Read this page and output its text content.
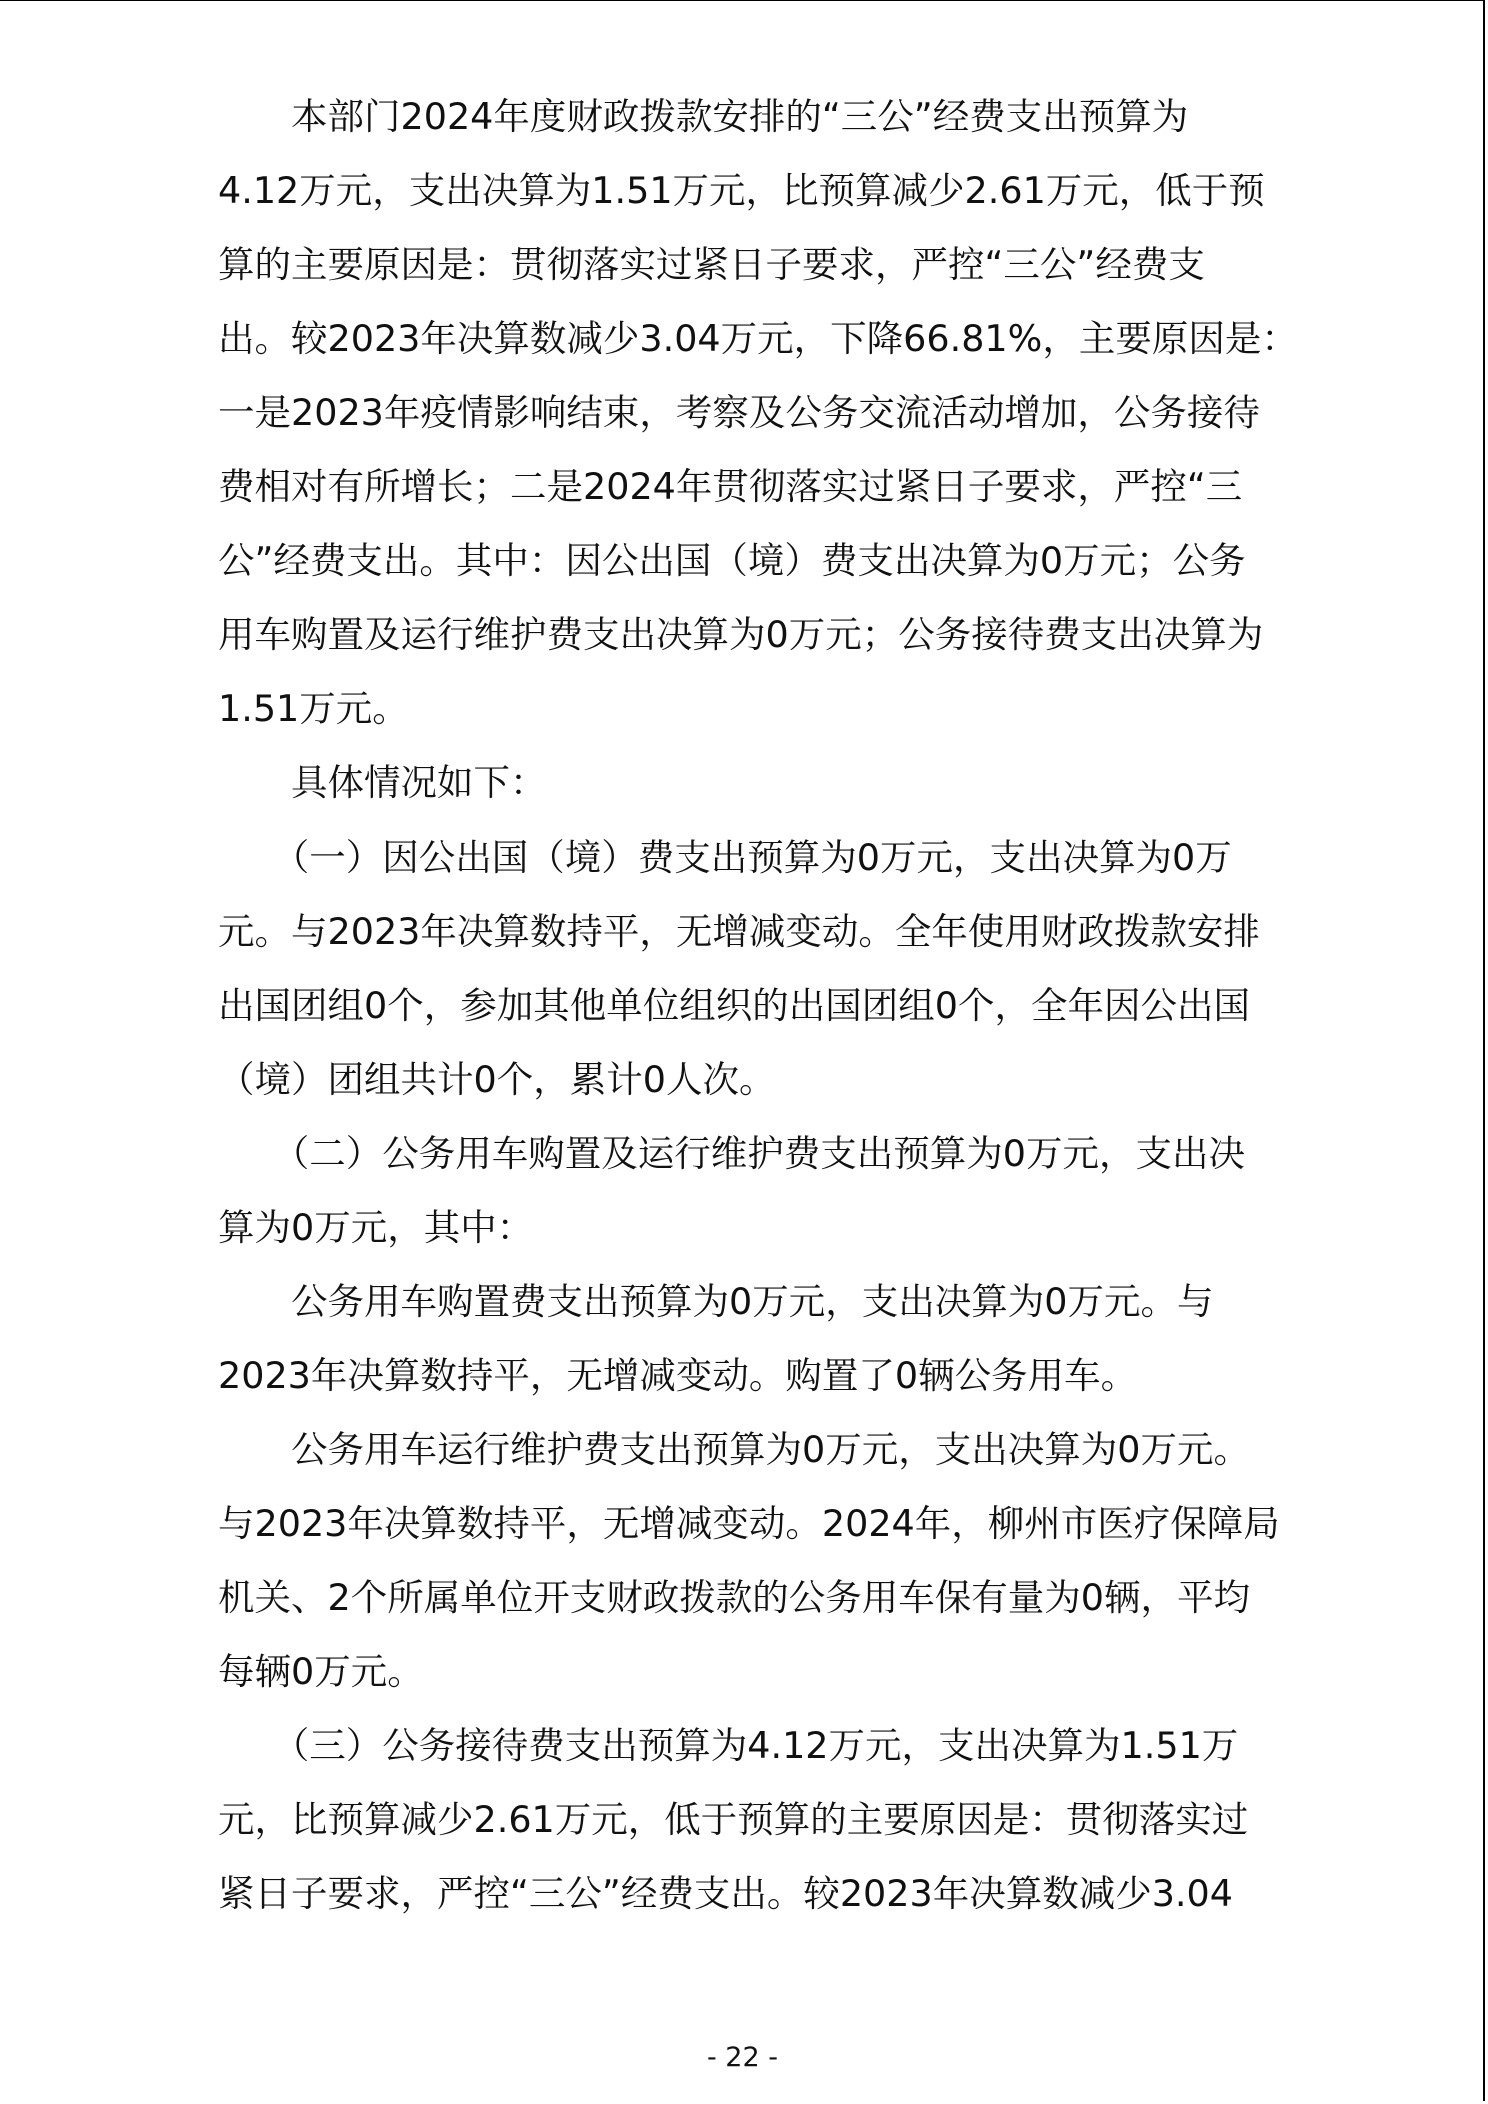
　　本部门2024年度财政拨款安排的“三公”经费支出预算为
4.12万元，支出决算为1.51万元，比预算减少2.61万元，低于预
算的主要原因是：贯彻落实过紧日子要求，严控“三公”经费支
出。较2023年决算数减少3.04万元，下降66.81%，主要原因是：
一是2023年疫情影响结束，考察及公务交流活动增加，公务接待
费相对有所增长；二是2024年贯彻落实过紧日子要求，严控“三
公”经费支出。其中：因公出国（境）费支出决算为0万元；公务
用车购置及运行维护费支出决算为0万元；公务接待费支出决算为
1.51万元。
　　具体情况如下：
　　（一）因公出国（境）费支出预算为0万元，支出决算为0万
元。与2023年决算数持平，无增减变动。全年使用财政拨款安排
出国团组0个，参加其他单位组织的出国团组0个，全年因公出国
（境）团组共计0个，累计0人次。
　　（二）公务用车购置及运行维护费支出预算为0万元，支出决
算为0万元，其中：
　　公务用车购置费支出预算为0万元，支出决算为0万元。与
2023年决算数持平，无增减变动。购置了0辆公务用车。
　　公务用车运行维护费支出预算为0万元，支出决算为0万元。
与2023年决算数持平，无增减变动。2024年，柳州市医疗保障局
机关、2个所属单位开支财政拨款的公务用车保有量为0辆，平均
每辆0万元。
　　（三）公务接待费支出预算为4.12万元，支出决算为1.51万
元，比预算减少2.61万元，低于预算的主要原因是：贯彻落实过
紧日子要求，严控“三公”经费支出。较2023年决算数减少3.04
- 22 -
